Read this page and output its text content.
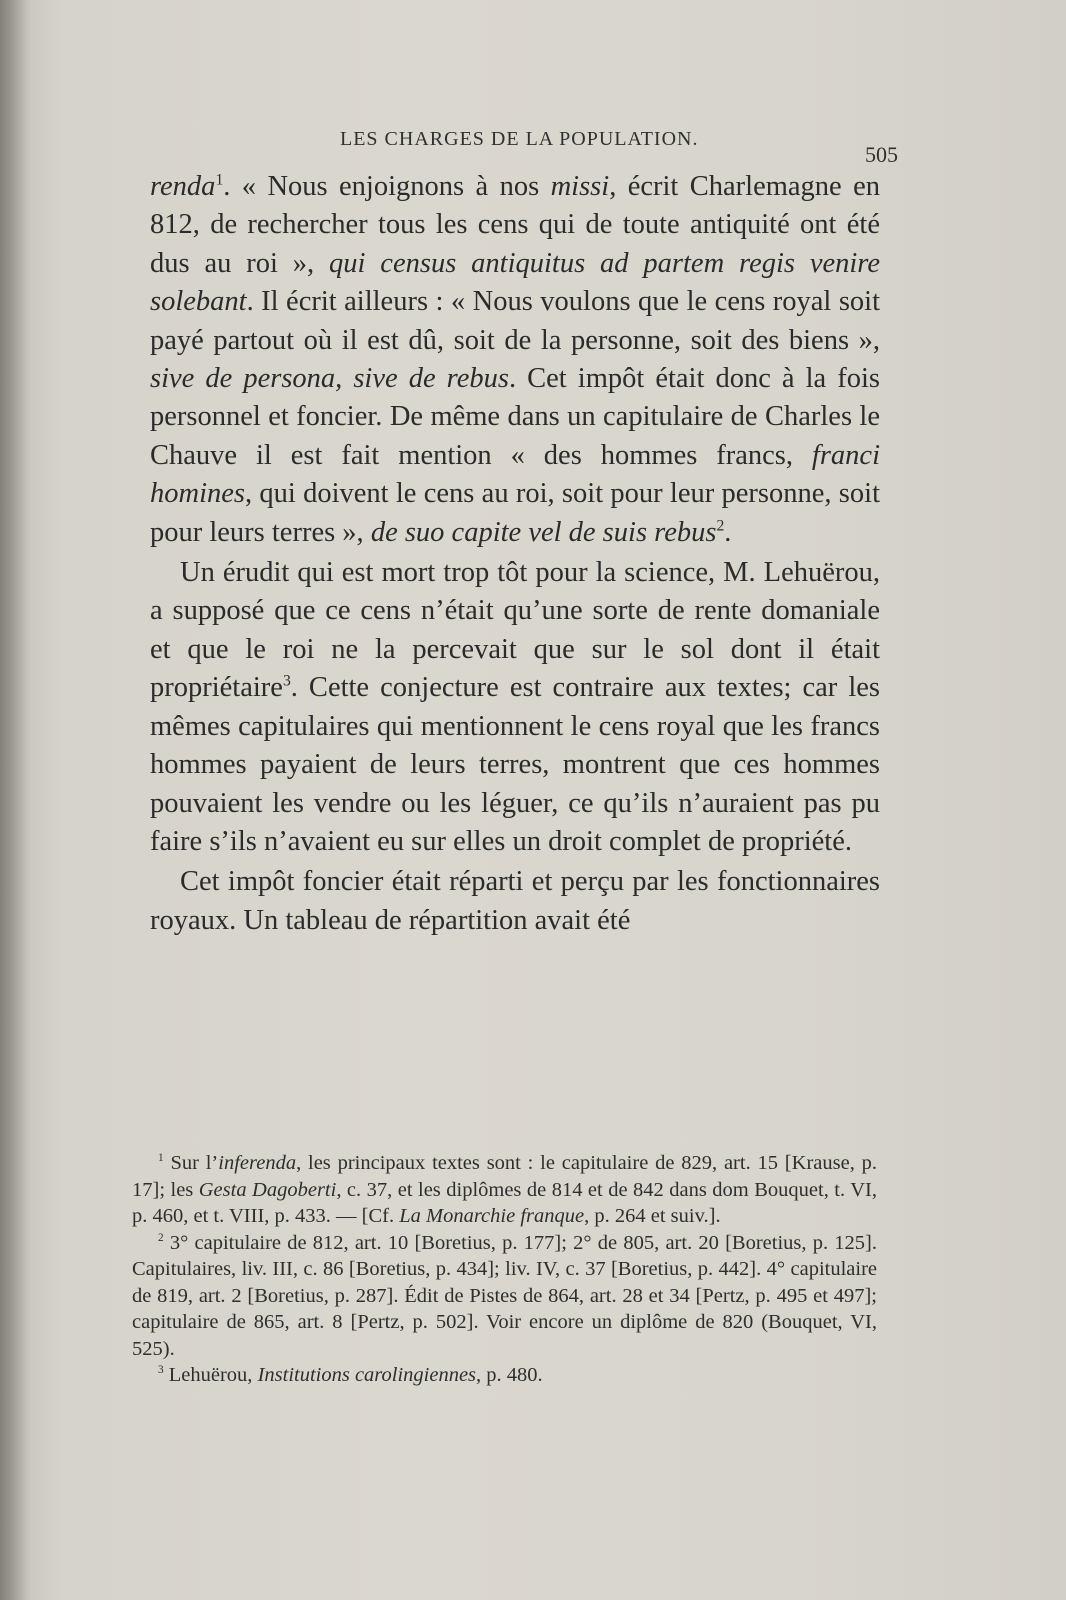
LES CHARGES DE LA POPULATION.
505

renda$^1$. « Nous enjoignons à nos missi, écrit Charlemagne en 812, de rechercher tous les cens qui de toute antiquité ont été dus au roi », qui census antiquitus ad partem regis venire solebant. Il écrit ailleurs : « Nous voulons que le cens royal soit payé partout où il est dû, soit de la personne, soit des biens », sive de persona, sive de rebus. Cet impôt était donc à la fois personnel et foncier. De même dans un capitulaire de Charles le Chauve il est fait mention « des hommes francs, franci homines, qui doivent le cens au roi, soit pour leur personne, soit pour leurs terres », de suo capite vel de suis rebus$^2$.

Un érudit qui est mort trop tôt pour la science, M. Lehuërou, a supposé que ce cens n’était qu’une sorte de rente domaniale et que le roi ne la percevait que sur le sol dont il était propriétaire$^3$. Cette conjecture est contraire aux textes; car les mêmes capitulaires qui mentionnent le cens royal que les francs hommes payaient de leurs terres, montrent que ces hommes pouvaient les vendre ou les léguer, ce qu’ils n’auraient pas pu faire s’ils n’avaient eu sur elles un droit complet de propriété.

Cet impôt foncier était réparti et perçu par les fonctionnaires royaux. Un tableau de répartition avait été

$^1$ Sur l’inferenda, les principaux textes sont : le capitulaire de 829, art. 15 [Krause, p. 17]; les Gesta Dagoberti, c. 37, et les diplômes de 814 et de 842 dans dom Bouquet, t. VI, p. 460, et t. VIII, p. 433. — [Cf. La Monarchie franque, p. 264 et suiv.].

$^2$ 3° capitulaire de 812, art. 10 [Boretius, p. 177]; 2° de 805, art. 20 [Boretius, p. 125]. Capitulaires, liv. III, c. 86 [Boretius, p. 434]; liv. IV, c. 37 [Boretius, p. 442]. 4° capitulaire de 819, art. 2 [Boretius, p. 287]. Édit de Pistes de 864, art. 28 et 34 [Pertz, p. 495 et 497]; capitulaire de 865, art. 8 [Pertz, p. 502]. Voir encore un diplôme de 820 (Bouquet, VI, 525).

$^3$ Lehuërou, Institutions carolingiennes, p. 480.
